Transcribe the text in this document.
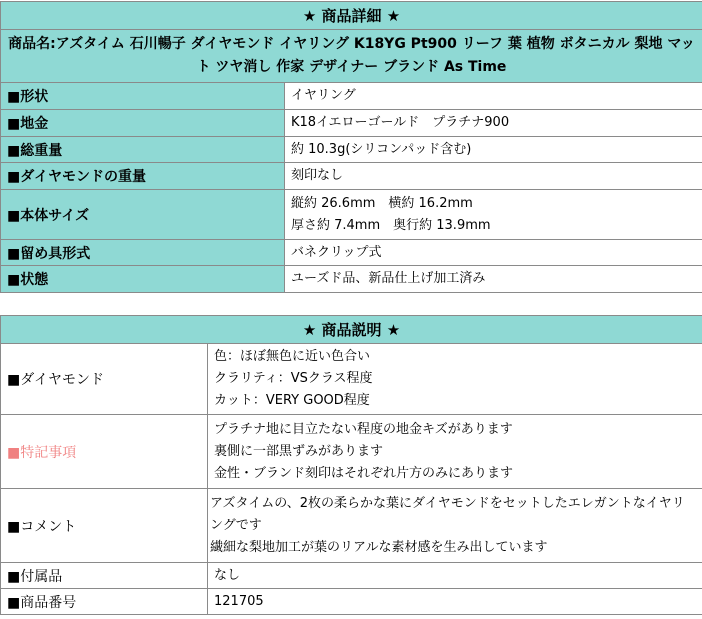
★ 商品詳細 ★	
商品名:アズタイム 石川暢子 ダイヤモンド イヤリング K18YG Pt900 リーフ 葉 植物 ボタニカル 梨地 マット ツヤ消し 作家 デザイナー ブランド As Time	
■形状	イヤリング

■地金	K18イエローゴールド　プラチナ900

■総重量	約 10.3g(シリコンパッド含む)

■ダイヤモンドの重量	刻印なし

■本体サイズ	縦約 26.6mm　横約 16.2mm
厚さ約 7.4mm　奥行約 13.9mm

■留め具形式	バネクリップ式

■状態	ユーズド品、新品仕上げ加工済み
★ 商品説明 ★	
■ダイヤモンド	色：ほぼ無色に近い色合い
クラリティ：VSクラス程度
カット：VERY GOOD程度

■特記事項	プラチナ地に目立たない程度の地金キズがあります
裏側に一部黒ずみがあります
金性・ブランド刻印はそれぞれ片方のみにあります

■コメント	アズタイムの、2枚の柔らかな葉にダイヤモンドをセットしたエレガントなイヤリングです
繊細な梨地加工が葉のリアルな素材感を生み出しています

■付属品	なし

■商品番号	121705
